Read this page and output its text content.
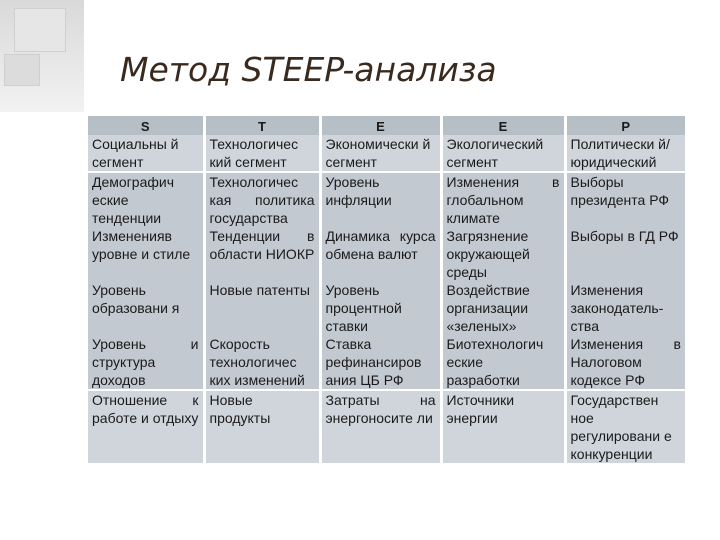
Метод STEEP-анализа
S	T	E	E	P
Социальны й сегмент	Технологичес кий сегмент	Экономически й сегмент	Экологический сегмент	Политически й/ юридический
Демографич еские тенденции	Технологичес кая политика государства	Уровень инфляции	Изменения в глобальном климате	Выборы президента РФ
Измененияв уровне и стиле	Тенденции в области НИОКР	Динамика курса обмена валют	Загрязнение окружающей среды	Выборы в ГД РФ
Уровень образовани я	Новые патенты	Уровень процентной ставки	Воздействие организации «зеленых»	Изменения законодатель- ства
Уровень и структура доходов	Скорость технологичес ких изменений	Ставка рефинансиров ания ЦБ РФ	Биотехнологич еские разработки	Изменения в Налоговом кодексе РФ
Отношение к работе и отдыху	Новые продукты	Затраты на энергоносите ли	Источники энергии	Государствен ное регулировани е конкуренции
